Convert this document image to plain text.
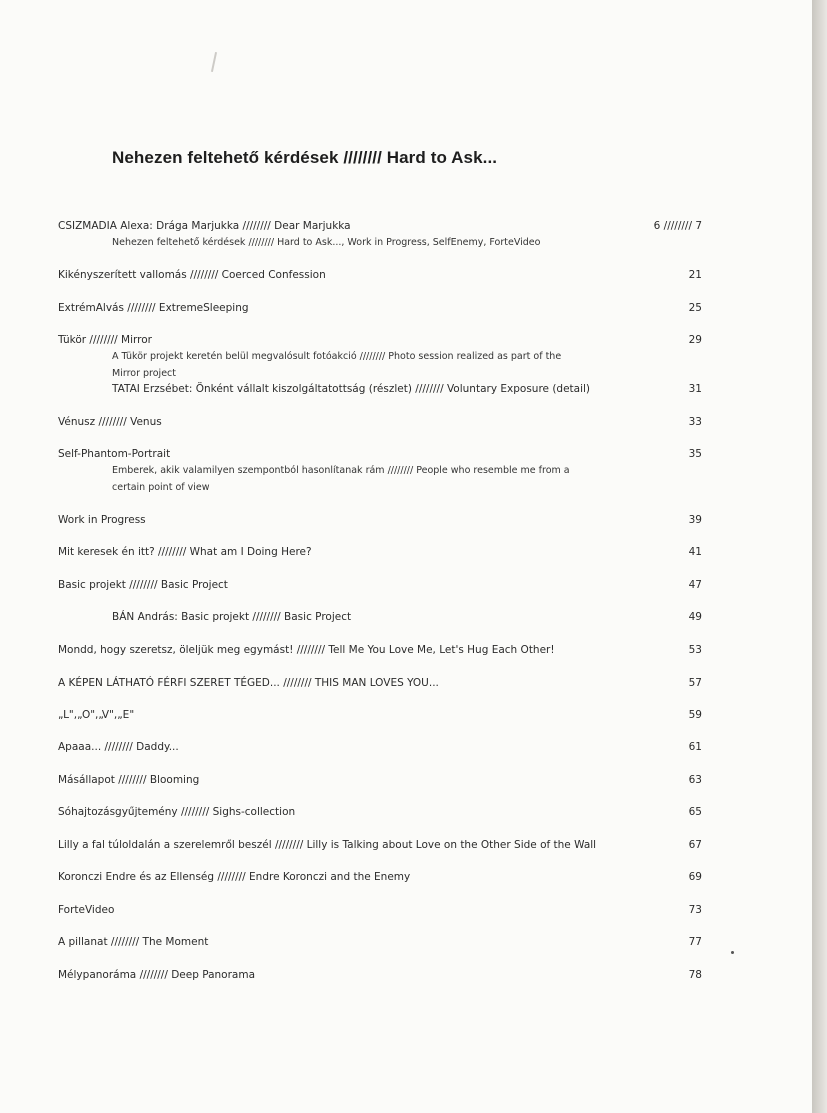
Nehezen feltehető kérdések //////// Hard to Ask...
CSIZMADIA Alexa: Drága Marjukka //////// Dear Marjukka	6 //////// 7
Nehezen feltehető kérdések //////// Hard to Ask..., Work in Progress, SelfEnemy, ForteVideo
Kikényszerített vallomás //////// Coerced Confession	21
ExtrémAlvás //////// ExtremeSleeping	25
Tükör //////// Mirror	29
A Tükör projekt keretén belül megvalósult fotóakció //////// Photo session realized as part of the Mirror project
TATAI Erzsébet: Önként vállalt kiszolgáltatottság (részlet) //////// Voluntary Exposure (detail)	31
Vénusz //////// Venus	33
Self-Phantom-Portrait	35
Emberek, akik valamilyen szempontból hasonlítanak rám //////// People who resemble me from a certain point of view
Work in Progress	39
Mit keresek én itt? //////// What am I Doing Here?	41
Basic projekt //////// Basic Project	47
BÁN András: Basic projekt //////// Basic Project	49
Mondd, hogy szeretsz, öleljük meg egymást! //////// Tell Me You Love Me, Let's Hug Each Other!	53
A KÉPEN LÁTHATÓ FÉRFI SZERET TÉGED... //////// THIS MAN LOVES YOU...	57
„L",„O",„V",„E"	59
Apaaa... //////// Daddy...	61
Másállapot //////// Blooming	63
Sóhajtozásgyűjtemény //////// Sighs-collection	65
Lilly a fal túloldalán a szerelemről beszél //////// Lilly is Talking about Love on the Other Side of the Wall	67
Koronczi Endre és az Ellenség //////// Endre Koronczi and the Enemy	69
ForteVideo	73
A pillanat //////// The Moment	77
Mélypanoráma //////// Deep Panorama	78
